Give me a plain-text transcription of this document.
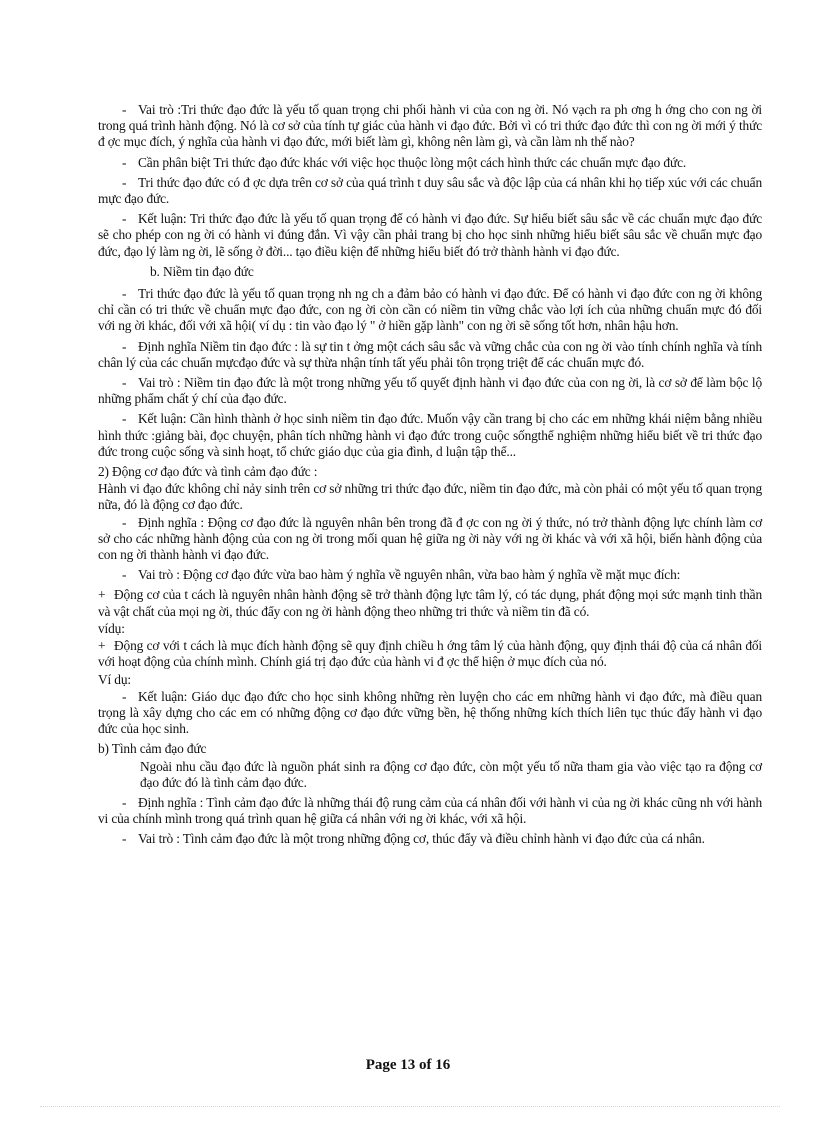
- Vai trò :Tri thức đạo đức là yếu tố quan trọng chi phối hành vi của con ng ời. Nó vạch ra ph ơng h ớng cho con ng ời trong quá trình hành động. Nó là cơ sở của tính tự giác của hành vi đạo đức. Bởi vì có tri thức đạo đức thì con ng ời mới ý thức đ ợc mục đích, ý nghĩa của hành vi đạo đức, mới biết làm gì, không nên làm gì, và cần làm nh thế nào?

- Cần phân biệt Tri thức đạo đức khác với việc học thuộc lòng một cách hình thức các chuẩn mực đạo đức.

- Tri thức đạo đức có đ ợc dựa trên cơ sở của quá trình t duy sâu sắc và độc lập của cá nhân khi họ tiếp xúc với các chuẩn mực đạo đức.

- Kết luận: Tri thức đạo đức là yếu tố quan trọng để có hành vi đạo đức. Sự hiểu biết sâu sắc về các chuẩn mực đạo đức sẽ cho phép con ng ời có hành vi đúng đắn. Vì vậy cần phải trang bị cho học sinh những hiểu biết sâu sắc về chuẩn mực đạo đức, đạo lý làm ng ời, lẽ sống ở đời... tạo điều kiện để những hiểu biết đó trở thành hành vi đạo đức.

b. Niềm tin đạo đức

- Tri thức đạo đức là yếu tố quan trọng nh ng ch a đảm bảo có hành vi đạo đức. Để có hành vi đạo đức con ng ời không chỉ cần có tri thức về chuẩn mực đạo đức, con ng ời còn cần có niềm tin vững chắc vào lợi ích của những chuẩn mực đó đối với ng ời khác, đối với xã hội( ví dụ : tin vào đạo lý " ở hiền gặp lành" con ng ời sẽ sống tốt hơn, nhân hậu hơn.

- Định nghĩa Niềm tin đạo đức : là sự tin t ởng một cách sâu sắc và vững chắc của con ng ời vào tính chính nghĩa và tính chân lý của các chuẩn mựcđạo đức và sự thừa nhận tính tất yếu phải tôn trọng triệt để các chuẩn mực đó.

- Vai trò : Niềm tin đạo đức là một trong những yếu tố quyết định hành vi đạo đức của con ng ời, là cơ sở để làm bộc lộ những phẩm chất ý chí của đạo đức.

- Kết luận: Cần hình thành ở học sinh niềm tin đạo đức. Muốn vậy cần trang bị cho các em những khái niệm bằng nhiều hình thức :giảng bài, đọc chuyện, phân tích những hành vi đạo đức trong cuộc sốngthể nghiệm những hiểu biết về tri thức đạo đức trong cuộc sống và sinh hoạt, tổ chức giáo dục của gia đình, d luận tập thể...

2) Động cơ đạo đức và tình cảm đạo đức :

Hành vi đạo đức không chỉ nảy sinh trên cơ sở những tri thức đạo đức, niềm tin đạo đức, mà còn phải có một yếu tố quan trọng nữa, đó là động cơ đạo đức.

- Định nghĩa : Động cơ đạo đức là nguyên nhân bên trong đã đ ợc con ng ời ý thức, nó trở thành động lực chính làm cơ sở cho các những hành động của con ng ời trong mối quan hệ giữa ng ời này với ng ời khác và với xã hội, biến hành động của con ng ời thành hành vi đạo đức.

- Vai trò : Động cơ đạo đức vừa bao hàm ý nghĩa về nguyên nhân, vừa bao hàm ý nghĩa về mặt mục đích:

+ Động cơ của t cách là nguyên nhân hành động sẽ trở thành động lực tâm lý, có tác dụng, phát động mọi sức mạnh tinh thần và vật chất của mọi ng ời, thúc đẩy con ng ời hành động theo những tri thức và niềm tin đã có.

vídụ:

+ Động cơ với t cách là mục đích hành động sẽ quy định chiều h ớng tâm lý của hành động, quy định thái độ của cá nhân đối với hoạt động của chính mình. Chính giá trị đạo đức của hành vi đ ợc thể hiện ở mục đích của nó.

Ví dụ:

- Kết luận: Giáo dục đạo đức cho học sinh không những rèn luyện cho các em những hành vi đạo đức, mà điều quan trọng là xây dựng cho các em có những động cơ đạo đức vững bền, hệ thống những kích thích liên tục thúc đẩy hành vi đạo đức của học sinh.

b) Tình cảm đạo đức

Ngoài nhu cầu đạo đức là nguồn phát sinh ra động cơ đạo đức, còn một yếu tố nữa tham gia vào việc tạo ra động cơ đạo đức đó là tình cảm đạo đức.

- Định nghĩa : Tình cảm đạo đức là những thái độ rung cảm của cá nhân đối với hành vi của ng ời khác cũng nh với hành vi của chính mình trong quá trình quan hệ giữa cá nhân với ng ời khác, với xã hội.

- Vai trò : Tình cảm đạo đức là một trong những động cơ, thúc đẩy và điều chỉnh hành vi đạo đức của cá nhân.

Page 13 of 16
